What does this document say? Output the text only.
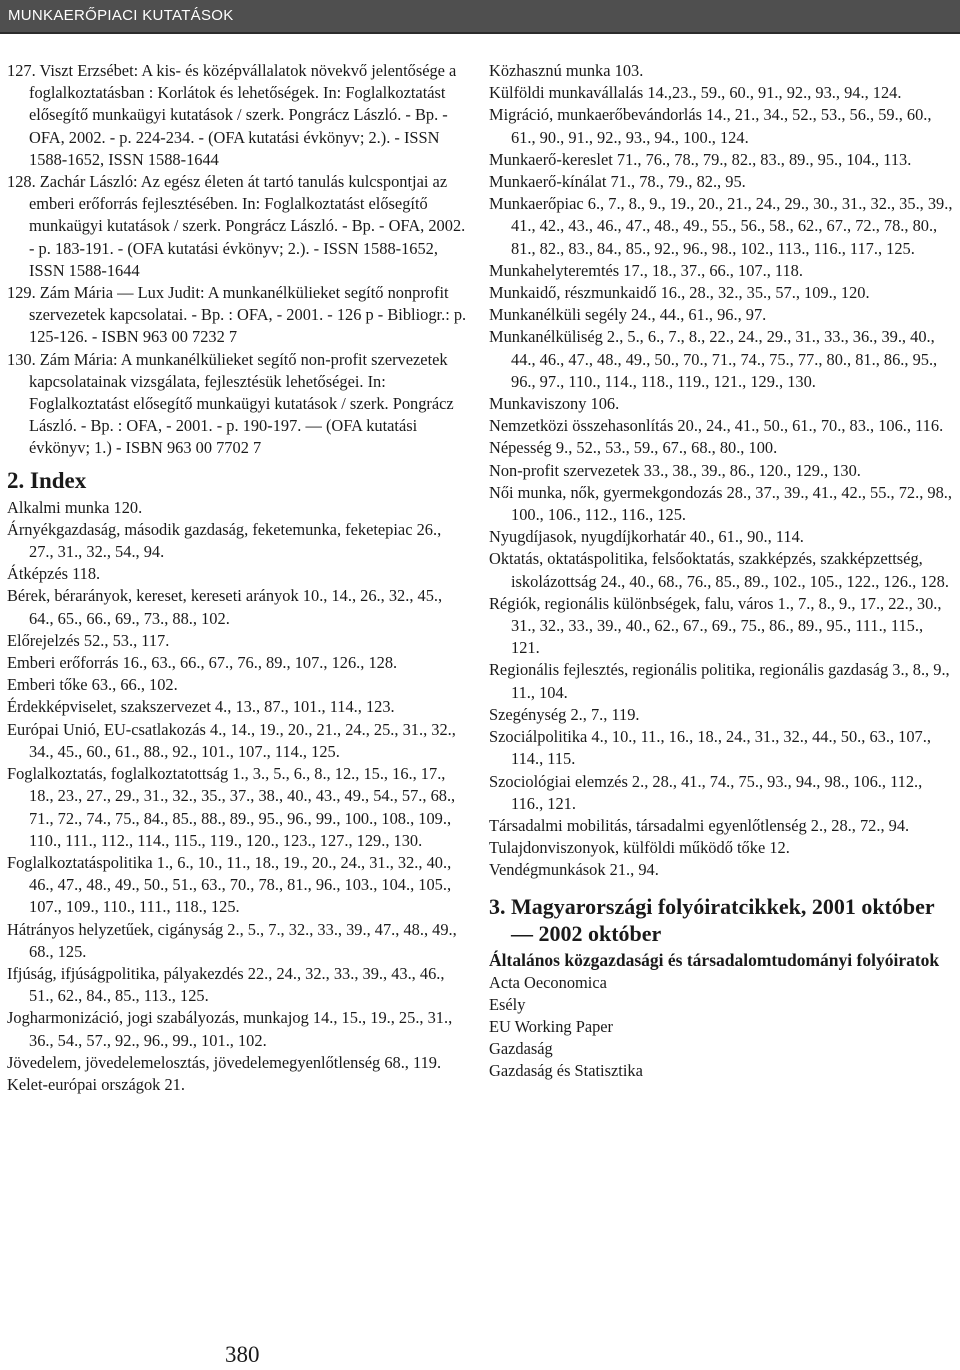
MUNKAERŐPIACI KUTATÁSOK

127. Viszt Erzsébet: A kis- és középvállalatok növekvő jelentősége a foglalkoztatásban : Korlátok és lehetőségek. In: Foglalkoztatást elősegítő munkaügyi kutatások / szerk. Pongrácz László. - Bp. - OFA, 2002. - p. 224-234. - (OFA kutatási évkönyv; 2.). - ISSN 1588-1652, ISSN 1588-1644

128. Zachár László: Az egész életen át tartó tanulás kulcspontjai az emberi erőforrás fejlesztésében. In: Foglalkoztatást elősegítő munkaügyi kutatások / szerk. Pongrácz László. - Bp. - OFA, 2002. - p. 183-191. - (OFA kutatási évkönyv; 2.). - ISSN 1588-1652, ISSN 1588-1644

129. Zám Mária ― Lux Judit: A munkanélkülieket segítő nonprofit szervezetek kapcsolatai. - Bp. : OFA, - 2001. - 126 p - Bibliogr.: p. 125-126. - ISBN 963 00 7232 7

130. Zám Mária: A munkanélkülieket segítő non-profit szervezetek kapcsolatainak vizsgálata, fejlesztésük lehetőségei. In: Foglalkoztatást elősegítő munkaügyi kutatások / szerk. Pongrácz László. - Bp. : OFA, - 2001. - p. 190-197. ― (OFA kutatási évkönyv; 1.) - ISBN 963 00 7702 7

2. Index

Alkalmi munka 120.

Árnyékgazdaság, második gazdaság, feketemunka, feketepiac 26., 27., 31., 32., 54., 94.

Átképzés 118.

Bérek, bérarányok, kereset, kereseti arányok 10., 14., 26., 32., 45., 64., 65., 66., 69., 73., 88., 102.

Előrejelzés 52., 53., 117.

Emberi erőforrás 16., 63., 66., 67., 76., 89., 107., 126., 128.

Emberi tőke 63., 66., 102.

Érdekképviselet, szakszervezet 4., 13., 87., 101., 114., 123.

Európai Unió, EU-csatlakozás 4., 14., 19., 20., 21., 24., 25., 31., 32., 34., 45., 60., 61., 88., 92., 101., 107., 114., 125.

Foglalkoztatás, foglalkoztatottság 1., 3., 5., 6., 8., 12., 15., 16., 17., 18., 23., 27., 29., 31., 32., 35., 37., 38., 40., 43., 49., 54., 57., 68., 71., 72., 74., 75., 84., 85., 88., 89., 95., 96., 99., 100., 108., 109., 110., 111., 112., 114., 115., 119., 120., 123., 127., 129., 130.

Foglalkoztatáspolitika 1., 6., 10., 11., 18., 19., 20., 24., 31., 32., 40., 46., 47., 48., 49., 50., 51., 63., 70., 78., 81., 96., 103., 104., 105., 107., 109., 110., 111., 118., 125.

Hátrányos helyzetűek, cigányság 2., 5., 7., 32., 33., 39., 47., 48., 49., 68., 125.

Ifjúság, ifjúságpolitika, pályakezdés 22., 24., 32., 33., 39., 43., 46., 51., 62., 84., 85., 113., 125.

Jogharmonizáció, jogi szabályozás, munkajog 14., 15., 19., 25., 31., 36., 54., 57., 92., 96., 99., 101., 102.

Jövedelem, jövedelemelosztás, jövedelemegyenlőtlenség 68., 119.

Kelet-európai országok 21.

Közhasznú munka 103.

Külföldi munkavállalás 14.,23., 59., 60., 91., 92., 93., 94., 124.

Migráció, munkaerőbevándorlás 14., 21., 34., 52., 53., 56., 59., 60., 61., 90., 91., 92., 93., 94., 100., 124.

Munkaerő-kereslet 71., 76., 78., 79., 82., 83., 89., 95., 104., 113.

Munkaerő-kínálat 71., 78., 79., 82., 95.

Munkaerőpiac 6., 7., 8., 9., 19., 20., 21., 24., 29., 30., 31., 32., 35., 39., 41., 42., 43., 46., 47., 48., 49., 55., 56., 58., 62., 67., 72., 78., 80., 81., 82., 83., 84., 85., 92., 96., 98., 102., 113., 116., 117., 125.

Munkahelyteremtés 17., 18., 37., 66., 107., 118.

Munkaidő, részmunkaidő 16., 28., 32., 35., 57., 109., 120.

Munkanélküli segély 24., 44., 61., 96., 97.

Munkanélküliség 2., 5., 6., 7., 8., 22., 24., 29., 31., 33., 36., 39., 40., 44., 46., 47., 48., 49., 50., 70., 71., 74., 75., 77., 80., 81., 86., 95., 96., 97., 110., 114., 118., 119., 121., 129., 130.

Munkaviszony 106.

Nemzetközi összehasonlítás 20., 24., 41., 50., 61., 70., 83., 106., 116.

Népesség 9., 52., 53., 59., 67., 68., 80., 100.

Non-profit szervezetek 33., 38., 39., 86., 120., 129., 130.

Női munka, nők, gyermekgondozás 28., 37., 39., 41., 42., 55., 72., 98., 100., 106., 112., 116., 125.

Nyugdíjasok, nyugdíjkorhatár 40., 61., 90., 114.

Oktatás, oktatáspolitika, felsőoktatás, szakképzés, szakképzettség, iskolázottság 24., 40., 68., 76., 85., 89., 102., 105., 122., 126., 128.

Régiók, regionális különbségek, falu, város 1., 7., 8., 9., 17., 22., 30., 31., 32., 33., 39., 40., 62., 67., 69., 75., 86., 89., 95., 111., 115., 121.

Regionális fejlesztés, regionális politika, regionális gazdaság 3., 8., 9., 11., 104.

Szegénység 2., 7., 119.

Szociálpolitika 4., 10., 11., 16., 18., 24., 31., 32., 44., 50., 63., 107., 114., 115.

Szociológiai elemzés 2., 28., 41., 74., 75., 93., 94., 98., 106., 112., 116., 121.

Társadalmi mobilitás, társadalmi egyenlőtlenség 2., 28., 72., 94.

Tulajdonviszonyok, külföldi működő tőke 12.

Vendégmunkások 21., 94.

3. Magyarországi folyóiratcikkek, 2001 október ― 2002 október
Általános közgazdasági és társadalomtudományi folyóiratok

Acta Oeconomica

Esély

EU Working Paper

Gazdaság

Gazdaság és Statisztika

380
